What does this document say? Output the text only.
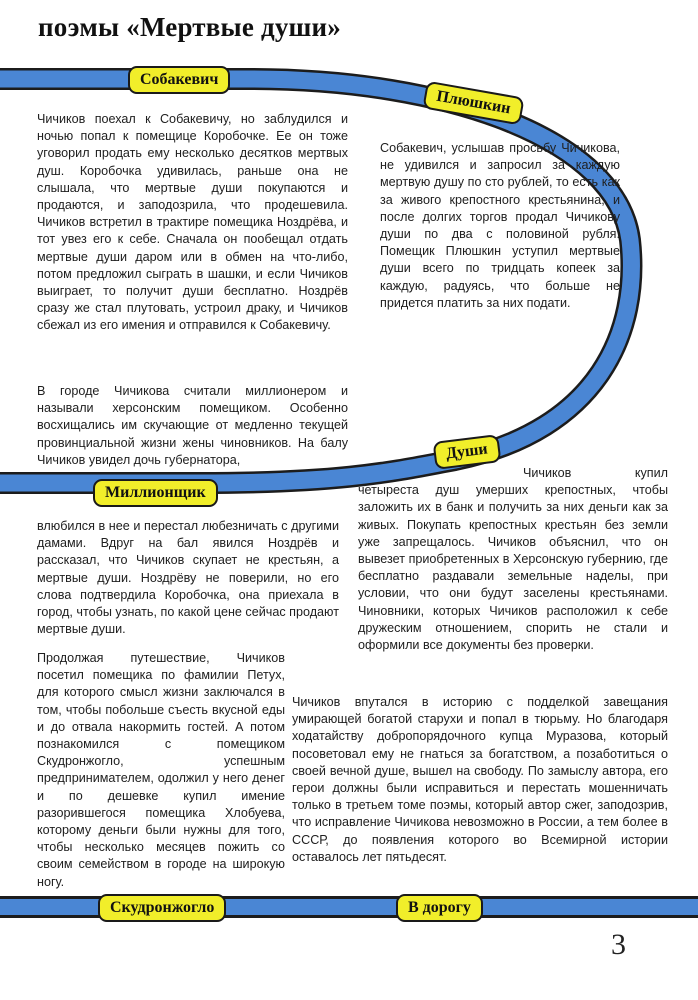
поэмы «Мертвые души»
Собакевич
Плюшкин
Души
Миллионщик
Скудронжогло	В дорогу

Чичиков поехал к Собакевичу, но заблудился и ночью попал к помещице Коробочке. Ее он тоже уговорил продать ему несколько десятков мертвых душ. Коробочка удивилась, раньше она не слышала, что мертвые души покупаются и продаются, и заподозрила, что продешевила. Чичиков встретил в трактире помещика Ноздрёва, и тот увез его к себе. Сначала он пообещал отдать мертвые души даром или в обмен на что-либо, потом предложил сыграть в шашки, и если Чичиков выиграет, то получит души бесплатно. Ноздрёв сразу же стал плутовать, устроил драку, и Чичиков сбежал из его имения и отправился к Собакевичу.

Собакевич, услышав просьбу Чичикова, не удивился и запросил за каждую мертвую душу по сто рублей, то есть как за живого крепостного крестьянина, и после долгих торгов продал Чичикову души по два с половиной рубля. Помещик Плюшкин уступил мертвые души всего по тридцать копеек за каждую, радуясь, что больше не придется платить за них подати.

В городе Чичикова считали миллионером и называли херсонским помещиком. Особенно восхищались им скучающие от медленно текущей провинциальной жизни жены чиновников. На балу Чичиков увидел дочь губернатора,

влюбился в нее и перестал любезничать с другими дамами. Вдруг на бал явился Ноздрёв и рассказал, что Чичиков скупает не крестьян, а мертвые души. Ноздрёву не поверили, но его слова подтвердила Коробочка, она приехала в город, чтобы узнать, по какой цене сейчас продают мертвые души.

Чичиков купил четыреста душ умерших крепостных, чтобы заложить их в банк и получить за них деньги как за живых. Покупать крепостных крестьян без земли уже запрещалось. Чичиков объяснил, что он вывезет приобретенных в Херсонскую губернию, где бесплатно раздавали земельные наделы, при условии, что они будут заселены крестьянами. Чиновники, которых Чичиков расположил к себе дружеским отношением, спорить не стали и оформили все документы без проверки.

Продолжая путешествие, Чичиков посетил помещика по фамилии Петух, для которого смысл жизни заключался в том, чтобы побольше съесть вкусной еды и до отвала накормить гостей. А потом познакомился с помещиком Скудронжогло, успешным предпринимателем, одолжил у него денег и по дешевке купил имение разорившегося помещика Хлобуева, которому деньги были нужны для того, чтобы несколько месяцев пожить со своим семейством в городе на широкую ногу.

Чичиков впутался в историю с подделкой завещания умирающей богатой старухи и попал в тюрьму. Но благодаря ходатайству добропорядочного купца Муразова, который посоветовал ему не гнаться за богатством, а позаботиться о своей вечной душе, вышел на свободу. По замыслу автора, его герои должны были исправиться и перестать мошенничать только в третьем томе поэмы, который автор сжег, заподозрив, что исправление Чичикова невозможно в России, а тем более в СССР, до появления которого во Всемирной истории оставалось лет пятьдесят.

3
